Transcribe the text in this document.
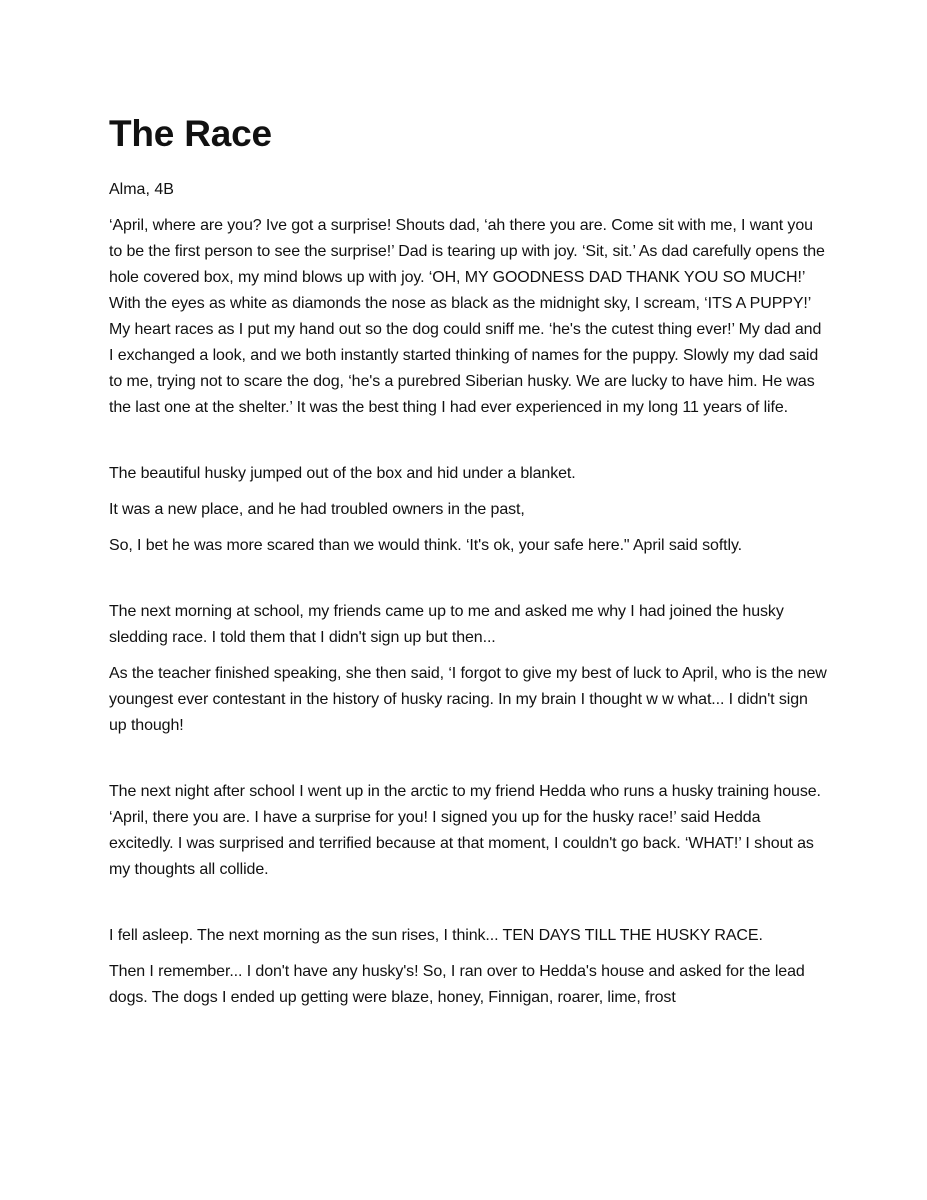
The Race

Alma, 4B

‘April, where are you? Ive got a surprise! Shouts dad, ‘ah there you are. Come sit with me, I want you to be the first person to see the surprise!’ Dad is tearing up with joy. ‘Sit, sit.’ As dad carefully opens the hole covered box, my mind blows up with joy. ‘OH, MY GOODNESS DAD THANK YOU SO MUCH!’ With the eyes as white as diamonds the nose as black as the midnight sky, I scream, ‘ITS A PUPPY!’ My heart races as I put my hand out so the dog could sniff me. ‘he's the cutest thing ever!’ My dad and I exchanged a look, and we both instantly started thinking of names for the puppy. Slowly my dad said to me, trying not to scare the dog, ‘he's a purebred Siberian husky. We are lucky to have him. He was the last one at the shelter.’ It was the best thing I had ever experienced in my long 11 years of life.

The beautiful husky jumped out of the box and hid under a blanket.

It was a new place, and he had troubled owners in the past,

So, I bet he was more scared than we would think. ‘It's ok, your safe here." April said softly.

The next morning at school, my friends came up to me and asked me why I had joined the husky sledding race. I told them that I didn't sign up but then...

As the teacher finished speaking, she then said, ‘I forgot to give my best of luck to April, who is the new youngest ever contestant in the history of husky racing. In my brain I thought w w what... I didn't sign up though!

The next night after school I went up in the arctic to my friend Hedda who runs a husky training house. ‘April, there you are. I have a surprise for you! I signed you up for the husky race!’ said Hedda excitedly. I was surprised and terrified because at that moment, I couldn't go back. ‘WHAT!’ I shout as my thoughts all collide.

I fell asleep. The next morning as the sun rises, I think... TEN DAYS TILL THE HUSKY RACE.

Then I remember... I don't have any husky's! So, I ran over to Hedda's house and asked for the lead dogs. The dogs I ended up getting were blaze, honey, Finnigan, roarer, lime, frost
